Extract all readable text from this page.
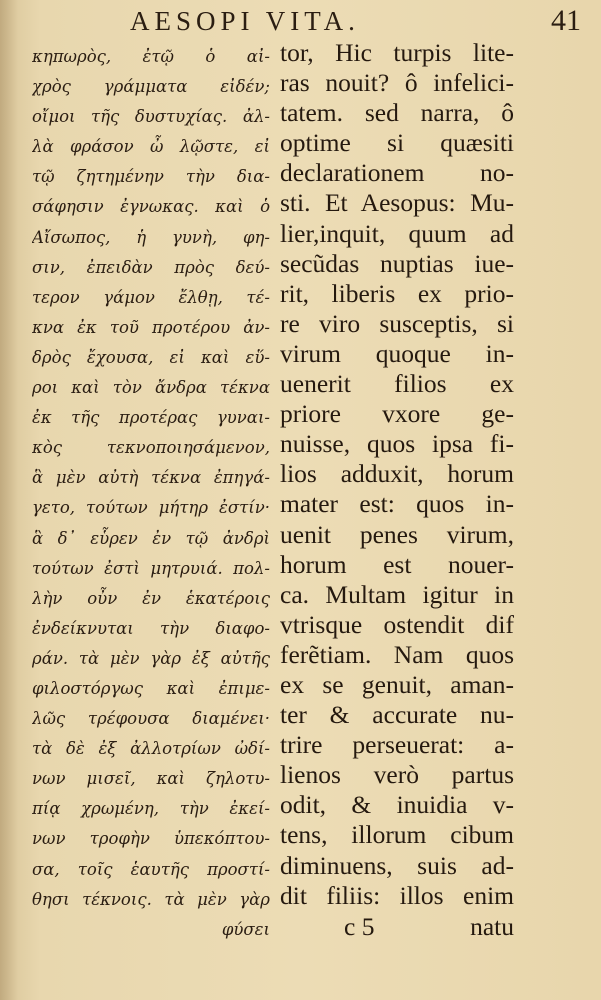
AESOPI VITA.	41
κηπωρὸς, ἐτῷ ὁ αἰ-
χρὸς γράμματα εἰδέν;
οἴμοι τῆς δυστυχίας. ἀλ-
λὰ φράσον ὦ λῷστε, εἰ
τῷ ζητημένην τὴν δια-
σάφησιν ἐγνωκας. καὶ ὁ
Αἴσωπος, ἡ γυνὴ, φη-
σιν, ἐπειδὰν πρὸς δεύ-
τερον γάμον ἔλθῃ, τέ-
κνα ἐκ τοῦ προτέρου ἀν-
δρὸς ἔχουσα, εἰ καὶ εὕ-
ροι καὶ τὸν ἄνδρα τέκνα
ἐκ τῆς προτέρας γυναι-
κὸς τεκνοποιησάμενον,
ἃ μὲν αὐτὴ τέκνα ἐπηγά-
γετο, τούτων μήτηρ ἐστίν·
ἃ δ᾽ εὗρεν ἐν τῷ ἀνδρὶ
τούτων ἐστὶ μητρυιά. πολ-
λὴν οὖν ἐν ἑκατέροις
ἐνδείκνυται τὴν διαφο-
ράν. τὰ μὲν γὰρ ἐξ αὐτῆς
φιλοστόργως καὶ ἐπιμε-
λῶς τρέφουσα διαμένει·
τὰ δὲ ἐξ ἀλλοτρίων ὠδί-
νων μισεῖ, καὶ ζηλοτυ-
πίᾳ χρωμένη, τὴν ἐκεί-
νων τροφὴν ὑπεκόπτου-
σα, τοῖς ἑαυτῆς προστί-
θησι τέκνοις. τὰ μὲν γὰρ
φύσει
tor, Hic turpis lite-
ras nouit? ô infelici-
tatem. sed narra, ô
optime si quæsiti
declarationem no-
sti. Et Aesopus: Mu-
lier,inquit, quum ad
secũdas nuptias iue-
rit, liberis ex prio-
re viro susceptis, si
virum quoque in-
uenerit filios ex
priore vxore ge-
nuisse, quos ipsa fi-
lios adduxit, horum
mater est: quos in-
uenit penes virum,
horum est nouer-
ca. Multam igitur in
vtrisque ostendit dif
ferẽtiam. Nam quos
ex se genuit, aman-
ter & accurate nu-
trire perseuerat: a-
lienos verò partus
odit, & inuidia v-
tens, illorum cibum
diminuens, suis ad-
dit filiis: illos enim
c 5	natu
